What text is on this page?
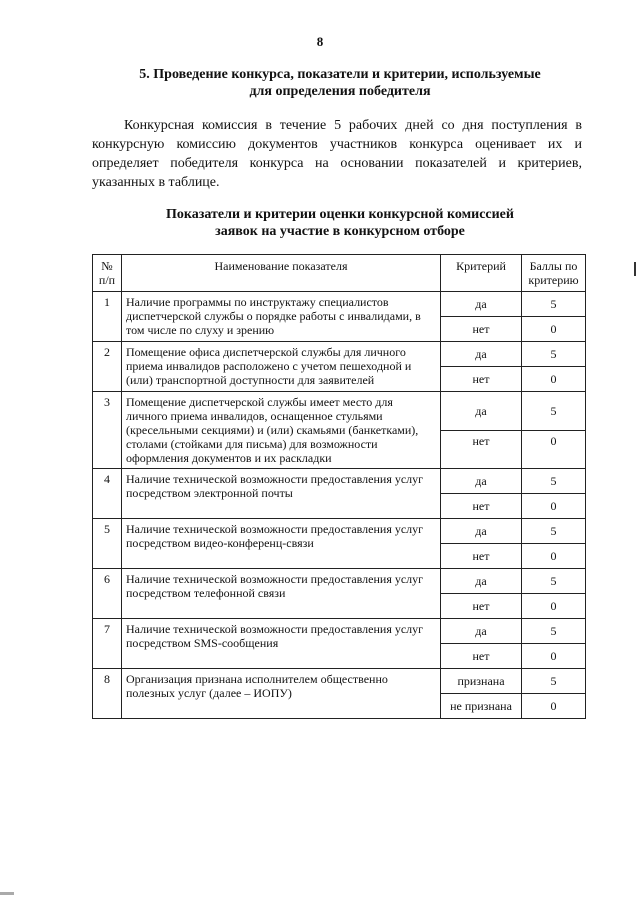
8
5. Проведение конкурса, показатели и критерии, используемые
для определения победителя
Конкурсная комиссия в течение 5 рабочих дней со дня поступления в конкурсную комиссию документов участников конкурса оценивает их и определяет победителя конкурса на основании показателей и критериев, указанных в таблице.
Показатели и критерии оценки конкурсной комиссией
заявок на участие в конкурсном отборе
№ п/п	Наименование показателя	Критерий	Баллы по критерию
1	Наличие программы по инструктажу специалистов диспетчерской службы о порядке работы с инвалидами, в том числе по слуху и зрению	да	5
		нет	0
2	Помещение офиса диспетчерской службы для личного приема инвалидов расположено с учетом пешеходной и (или) транспортной доступности для заявителей	да	5
		нет	0
3	Помещение диспетчерской службы имеет место для личного приема инвалидов, оснащенное стульями (кресельными секциями) и (или) скамьями (банкетками), столами (стойками для письма) для возможности оформления документов и их раскладки	да	5
		нет	0
4	Наличие технической возможности предоставления услуг посредством электронной почты	да	5
		нет	0
5	Наличие технической возможности предоставления услуг посредством видео-конференц-связи	да	5
		нет	0
6	Наличие технической возможности предоставления услуг посредством телефонной связи	да	5
		нет	0
7	Наличие технической возможности предоставления услуг посредством SMS-сообщения	да	5
		нет	0
8	Организация признана исполнителем общественно полезных услуг (далее – ИОПУ)	признана	5
		не признана	0
